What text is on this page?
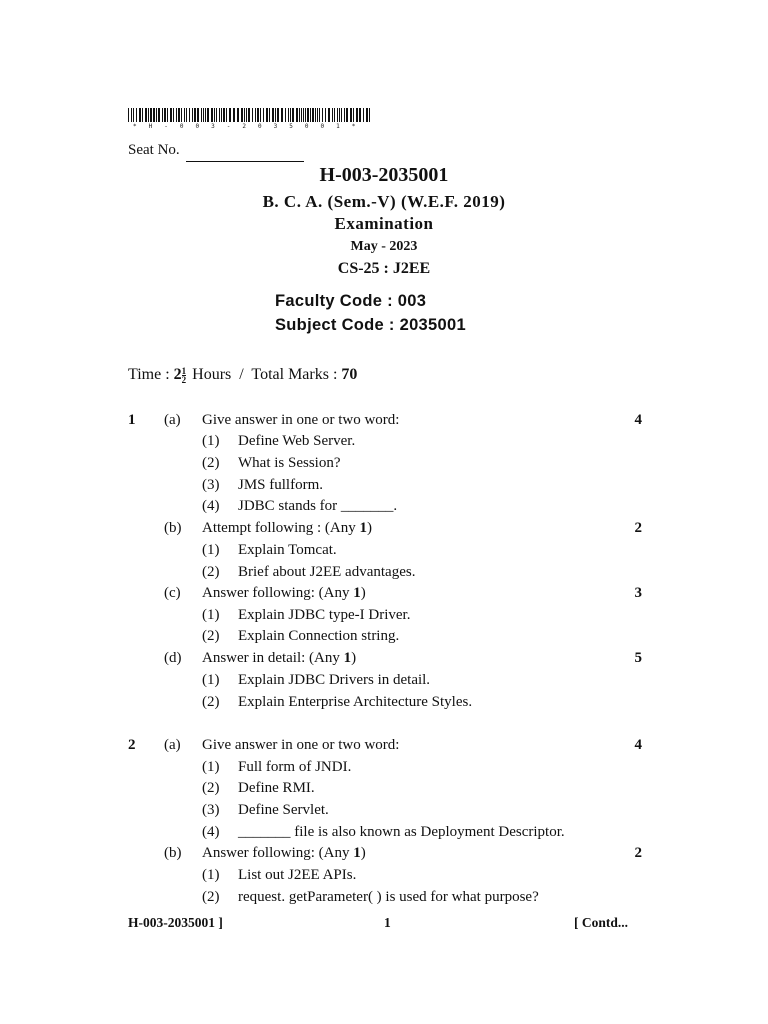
* H - 0 0 3 - 2 0 3 5 0 0 1 *
Seat No.
H-003-2035001
B. C. A. (Sem.-V) (W.E.F. 2019)
Examination
May - 2023
CS-25 : J2EE
Faculty Code : 003
Subject Code : 2035001
Time : $2 \frac{1}{2}$ Hours  /  Total Marks : 70
1 (a) Give answer in one or two word:	4
(1) Define Web Server.
(2) What is Session?
(3) JMS fullform.
(4) JDBC stands for _______.
(b) Attempt following : (Any 1)	2
(1) Explain Tomcat.
(2) Brief about J2EE advantages.
(c) Answer following: (Any 1)	3
(1) Explain JDBC type-I Driver.
(2) Explain Connection string.
(d) Answer in detail: (Any 1)	5
(1) Explain JDBC Drivers in detail.
(2) Explain Enterprise Architecture Styles.
2 (a) Give answer in one or two word:	4
(1) Full form of JNDI.
(2) Define RMI.
(3) Define Servlet.
(4) _______ file is also known as Deployment Descriptor.
(b) Answer following: (Any 1)	2
(1) List out J2EE APIs.
(2) request. getParameter( ) is used for what purpose?
H-003-2035001 ]	1	[ Contd...
